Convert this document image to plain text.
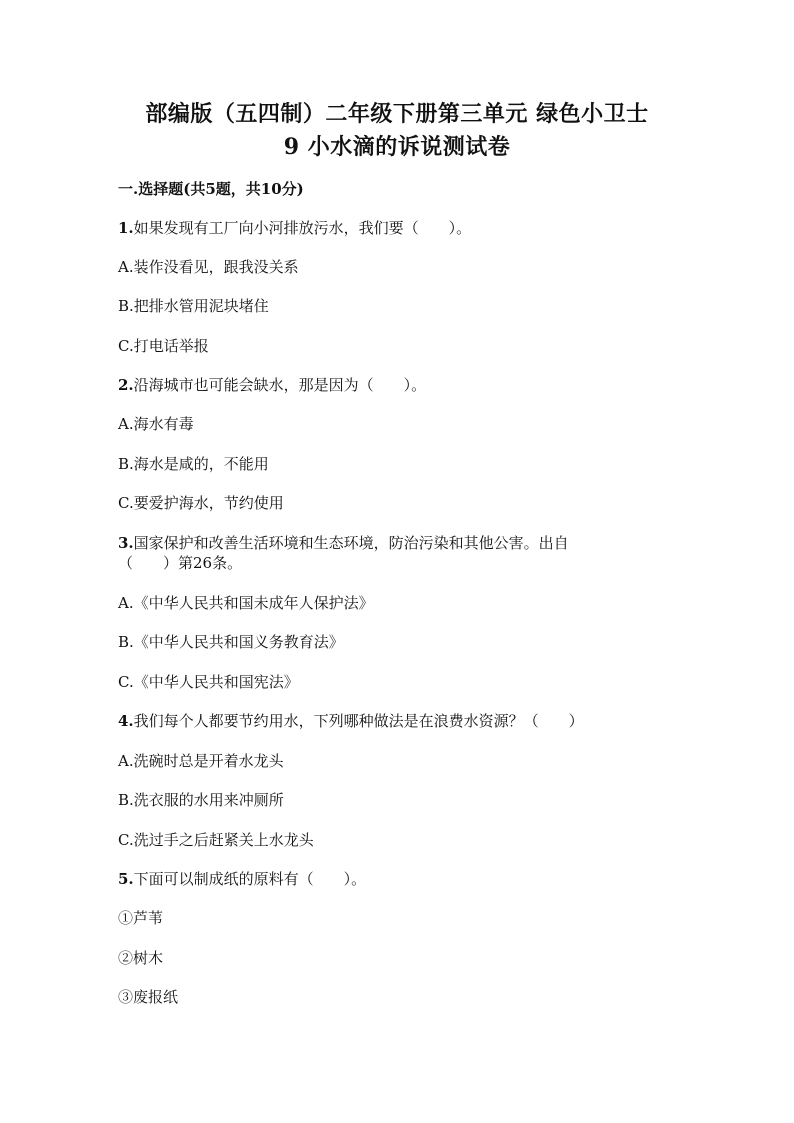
部编版（五四制）二年级下册第三单元 绿色小卫士
9 小水滴的诉说测试卷
一.选择题(共5题，共10分)
1.如果发现有工厂向小河排放污水，我们要（　　）。
A.装作没看见，跟我没关系
B.把排水管用泥块堵住
C.打电话举报
2.沿海城市也可能会缺水，那是因为（　　）。
A.海水有毒
B.海水是咸的，不能用
C.要爱护海水，节约使用
3.国家保护和改善生活环境和生态环境，防治污染和其他公害。出自
（　　）第26条。
A.《中华人民共和国未成年人保护法》
B.《中华人民共和国义务教育法》
C.《中华人民共和国宪法》
4.我们每个人都要节约用水，下列哪种做法是在浪费水资源？（　　）
A.洗碗时总是开着水龙头
B.洗衣服的水用来冲厕所
C.洗过手之后赶紧关上水龙头
5.下面可以制成纸的原料有（　　）。
①芦苇
②树木
③废报纸
